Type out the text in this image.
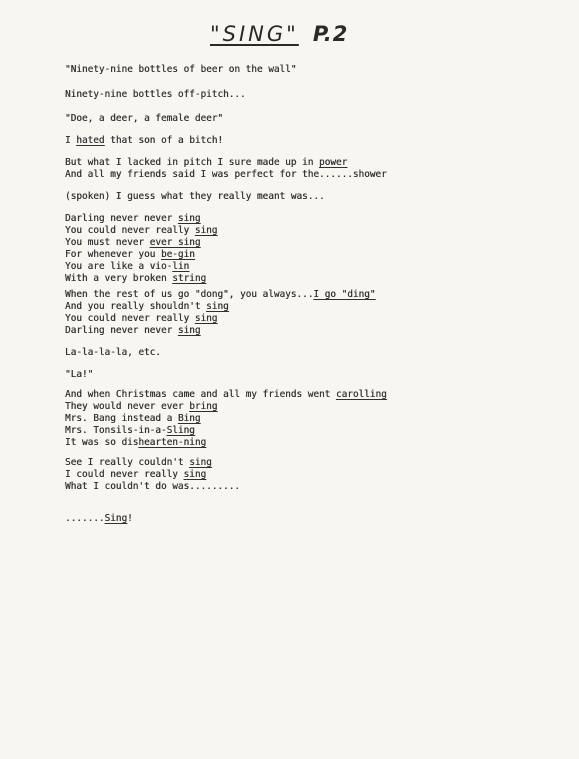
"SING" P.2
"Ninety-nine bottles of beer on the wall"
Ninety-nine bottles off-pitch...
"Doe, a deer, a female deer"
I hated that son of a bitch!
But what I lacked in pitch I sure made up in power
And all my friends said I was perfect for the......shower
(spoken) I guess what they really meant was...
Darling never never sing
You could never really sing
You must never ever sing
For whenever you be-gin
You are like a vio-lin
With a very broken string
When the rest of us go "dong", you always...I go "ding"
And you really shouldn't sing
You could never really sing
Darling never never sing
La-la-la-la, etc.
"La!"
And when Christmas came and all my friends went carolling
They would never ever bring
Mrs. Bang instead a Bing
Mrs. Tonsils-in-a-Sling
It was so dishearten-ning
See I really couldn't sing
I could never really sing
What I couldn't do was.........
.......Sing!
